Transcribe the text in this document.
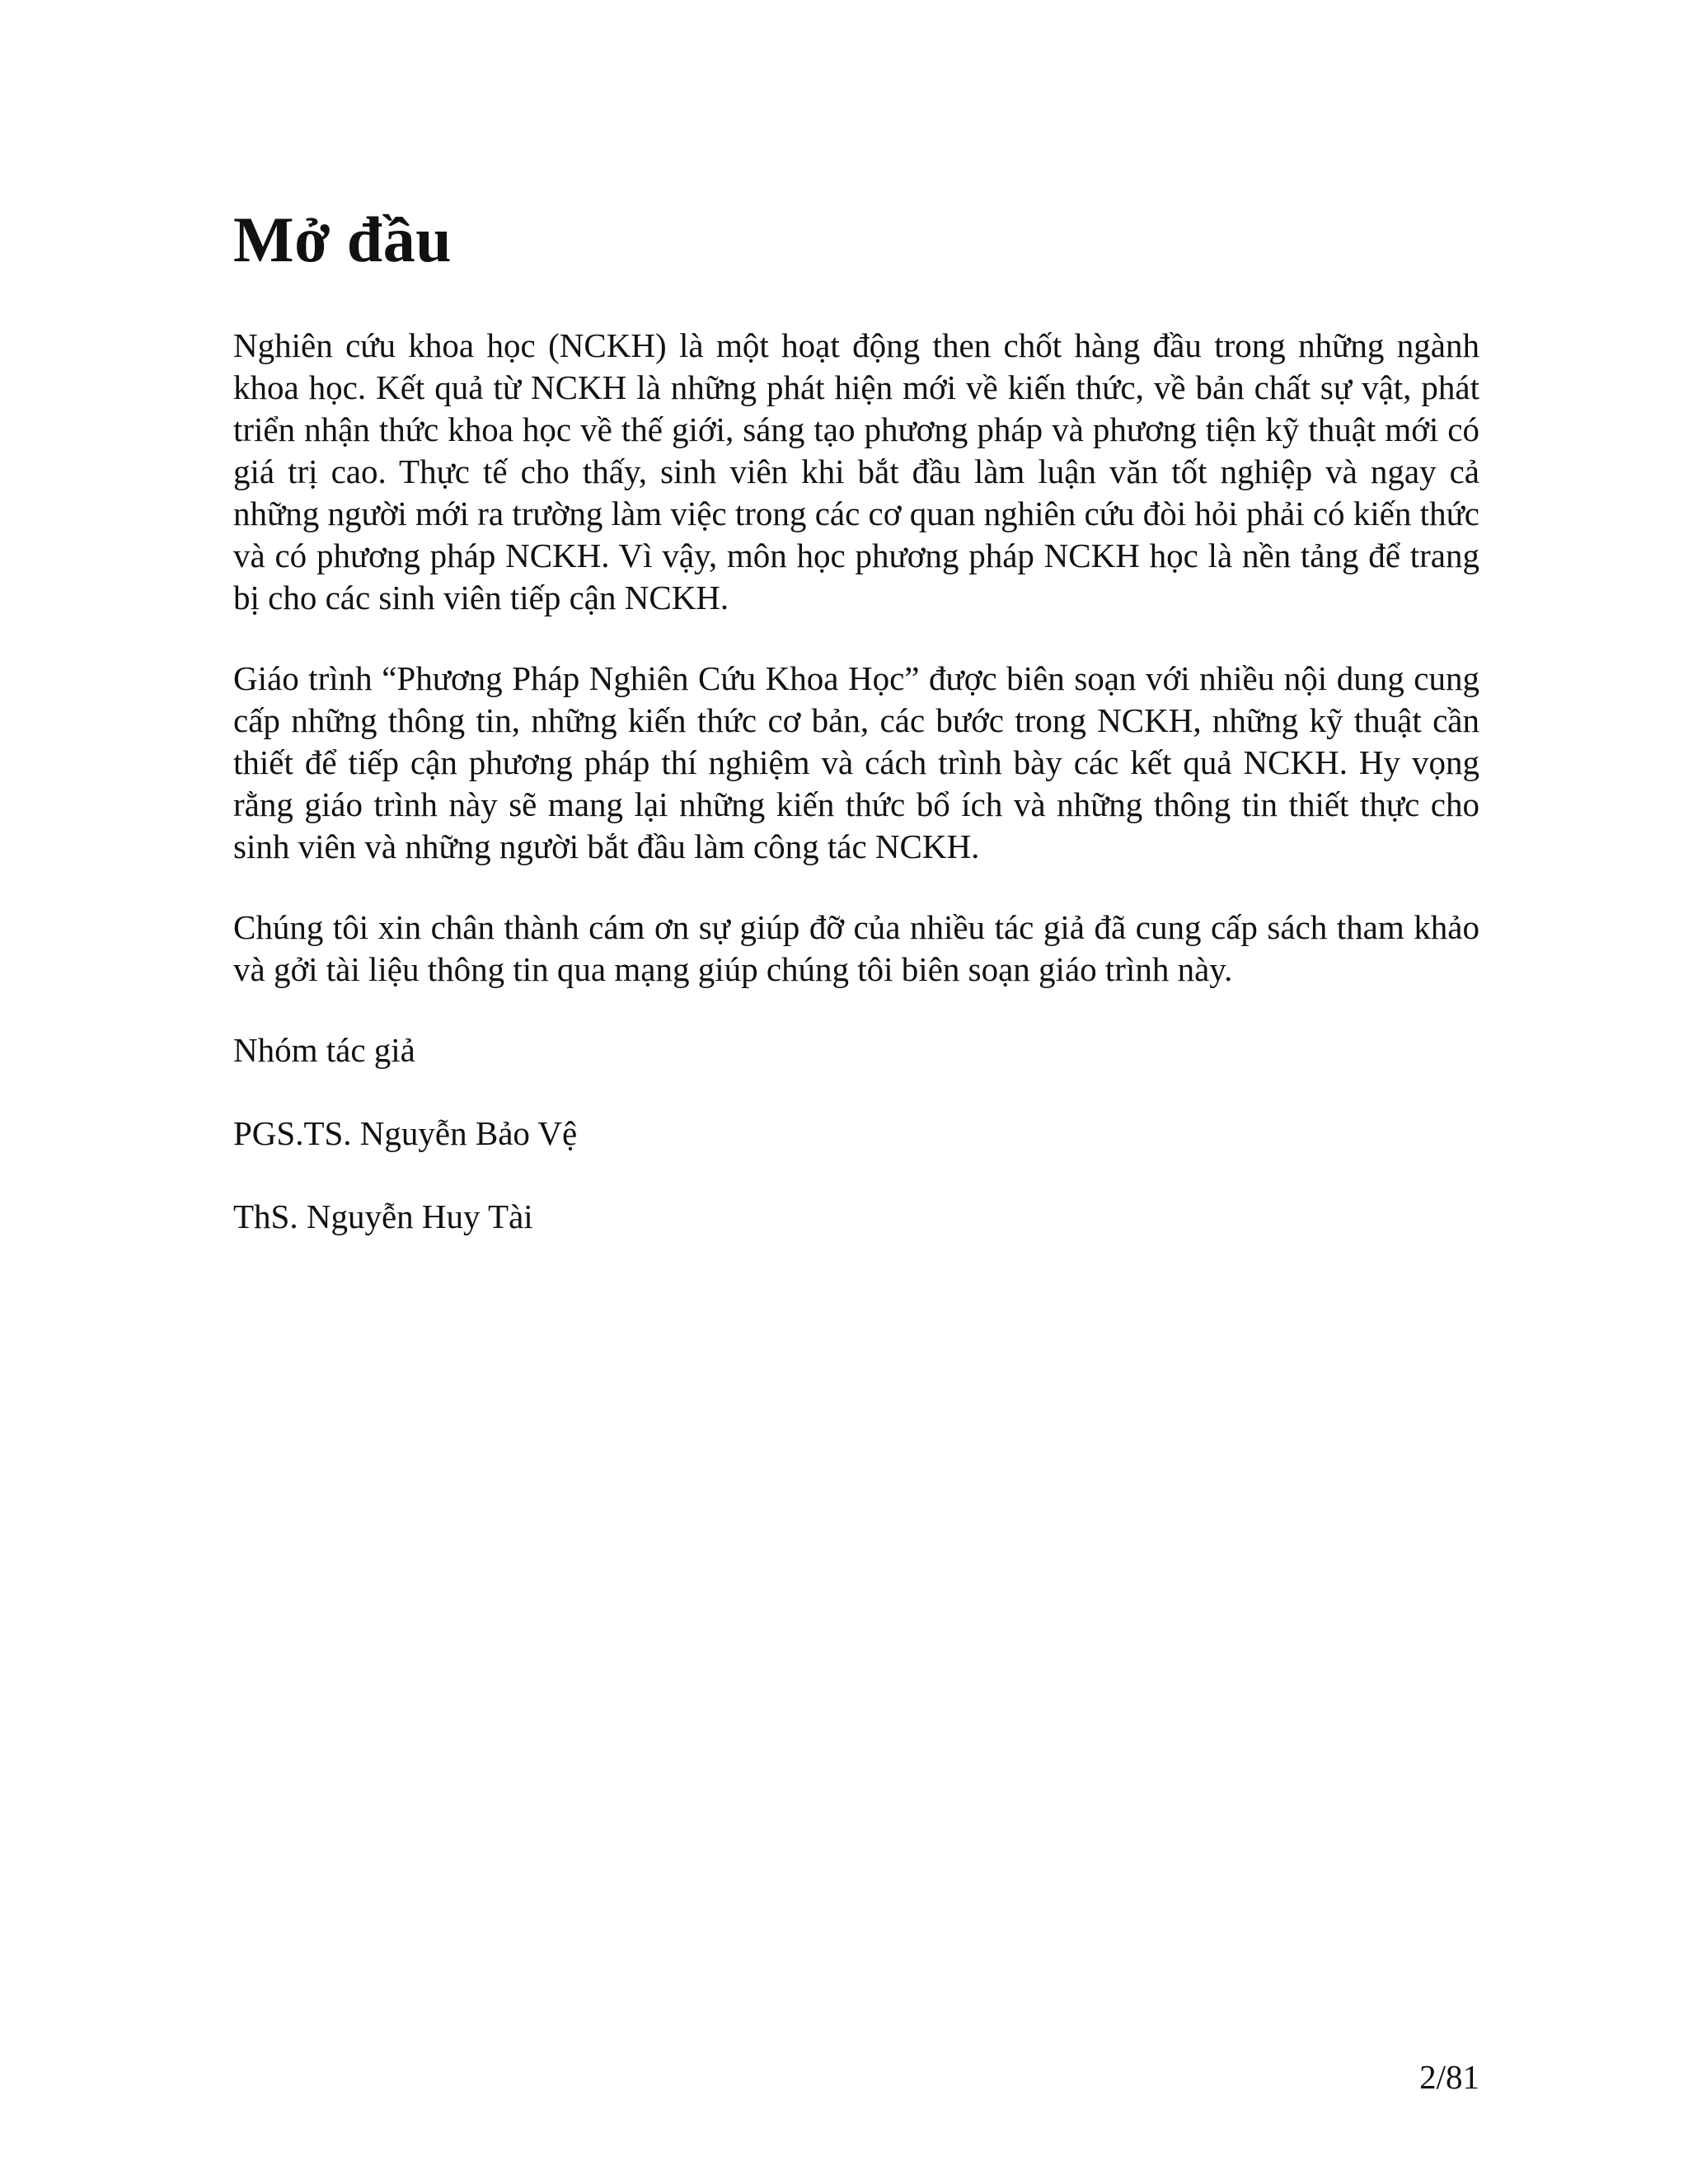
Mở đầu

Nghiên cứu khoa học (NCKH) là một hoạt động then chốt hàng đầu trong những ngành khoa học. Kết quả từ NCKH là những phát hiện mới về kiến thức, về bản chất sự vật, phát triển nhận thức khoa học về thế giới, sáng tạo phương pháp và phương tiện kỹ thuật mới có giá trị cao. Thực tế cho thấy, sinh viên khi bắt đầu làm luận văn tốt nghiệp và ngay cả những người mới ra trường làm việc trong các cơ quan nghiên cứu đòi hỏi phải có kiến thức và có phương pháp NCKH. Vì vậy, môn học phương pháp NCKH học là nền tảng để trang bị cho các sinh viên tiếp cận NCKH.

Giáo trình “Phương Pháp Nghiên Cứu Khoa Học” được biên soạn với nhiều nội dung cung cấp những thông tin, những kiến thức cơ bản, các bước trong NCKH, những kỹ thuật cần thiết để tiếp cận phương pháp thí nghiệm và cách trình bày các kết quả NCKH. Hy vọng rằng giáo trình này sẽ mang lại những kiến thức bổ ích và những thông tin thiết thực cho sinh viên và những người bắt đầu làm công tác NCKH.

Chúng tôi xin chân thành cám ơn sự giúp đỡ của nhiều tác giả đã cung cấp sách tham khảo và gởi tài liệu thông tin qua mạng giúp chúng tôi biên soạn giáo trình này.

Nhóm tác giả

PGS.TS. Nguyễn Bảo Vệ

ThS. Nguyễn Huy Tài

2/81
